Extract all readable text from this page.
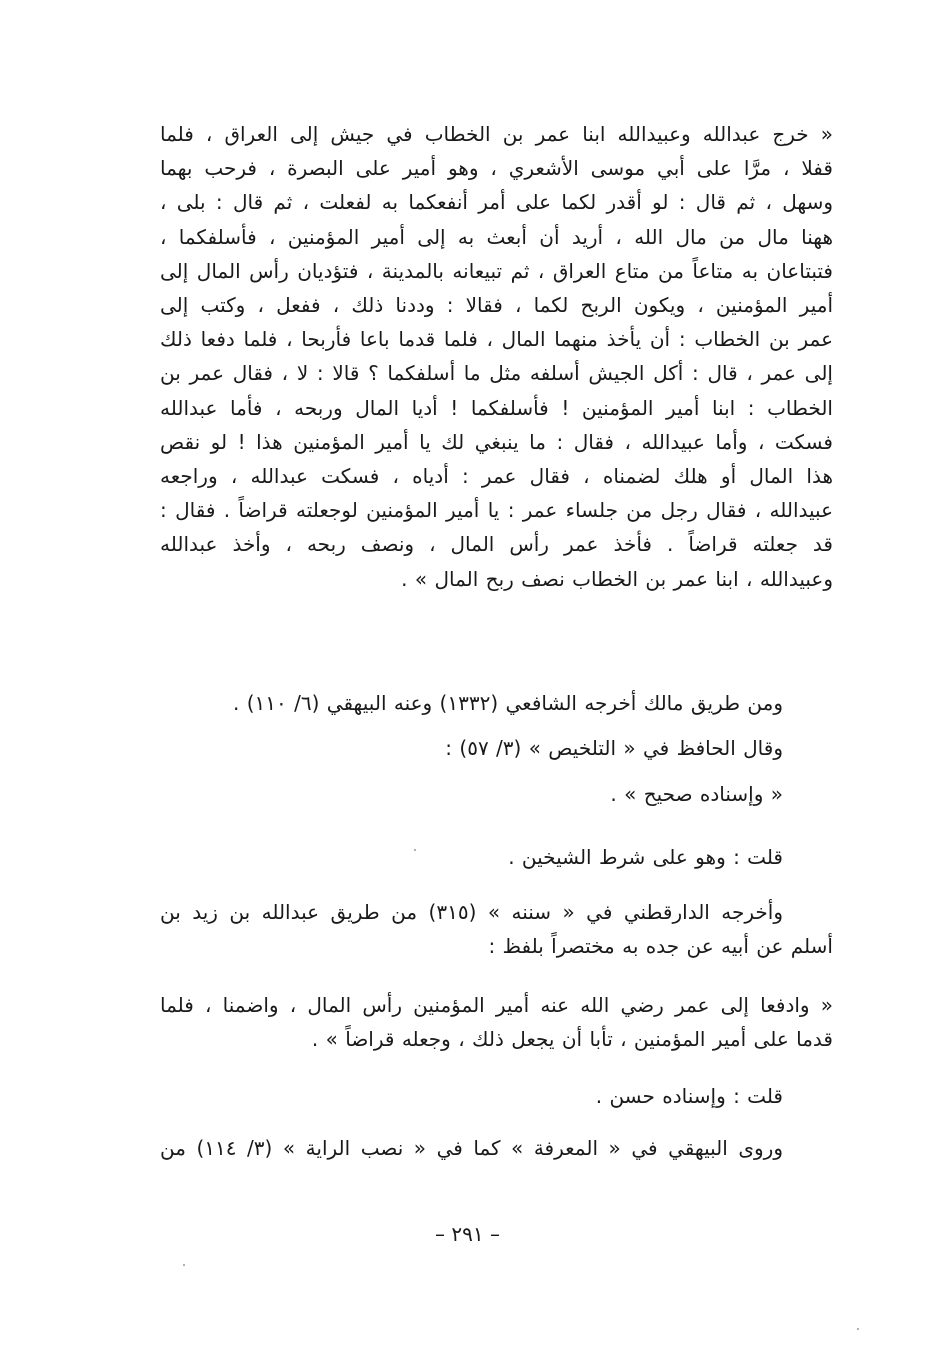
« خرج عبدالله وعبيدالله ابنا عمر بن الخطاب في جيش إلى العراق ، فلما
قفلا ، مرَّا على أبي موسى الأشعري ، وهو أمير على البصرة ، فرحب بهما
وسهل ، ثم قال : لو أقدر لكما على أمر أنفعكما به لفعلت ، ثم قال : بلى ،
ههنا مال من مال الله ، أريد أن أبعث به إلى أمير المؤمنين ، فأسلفكما ،
فتبتاعان به متاعاً من متاع العراق ، ثم تبيعانه بالمدينة ، فتؤديان رأس المال إلى
أمير المؤمنين ، ويكون الربح لكما ، فقالا : وددنا ذلك ، ففعل ، وكتب إلى
عمر بن الخطاب : أن يأخذ منهما المال ، فلما قدما باعا فأربحا ، فلما دفعا ذلك
إلى عمر ، قال : أكل الجيش أسلفه مثل ما أسلفكما ؟ قالا : لا ، فقال عمر بن
الخطاب : ابنا أمير المؤمنين ! فأسلفكما ! أديا المال وربحه ، فأما عبدالله
فسكت ، وأما عبيدالله ، فقال : ما ينبغي لك يا أمير المؤمنين هذا ! لو نقص
هذا المال أو هلك لضمناه ، فقال عمر : أدياه ، فسكت عبدالله ، وراجعه
عبيدالله ، فقال رجل من جلساء عمر : يا أمير المؤمنين لوجعلته قراضاً . فقال :
قد جعلته قراضاً . فأخذ عمر رأس المال ، ونصف ربحه ، وأخذ عبدالله
وعبيدالله ، ابنا عمر بن الخطاب نصف ربح المال » .
ومن طريق مالك أخرجه الشافعي (١٣٣٢) وعنه البيهقي (٦/ ١١٠) .
وقال الحافظ في « التلخيص » (٣/ ٥٧) :
« وإسناده صحيح » .
قلت : وهو على شرط الشيخين .
وأخرجه الدارقطني في « سننه » (٣١٥) من طريق عبدالله بن زيد بن
أسلم عن أبيه عن جده به مختصراً بلفظ :
« وادفعا إلى عمر رضي الله عنه أمير المؤمنين رأس المال ، واضمنا ، فلما
قدما على أمير المؤمنين ، تأبا أن يجعل ذلك ، وجعله قراضاً » .
قلت : وإسناده حسن .
وروى البيهقي في « المعرفة » كما في « نصب الراية » (٣/ ١١٤) من
– ٢٩١ –
